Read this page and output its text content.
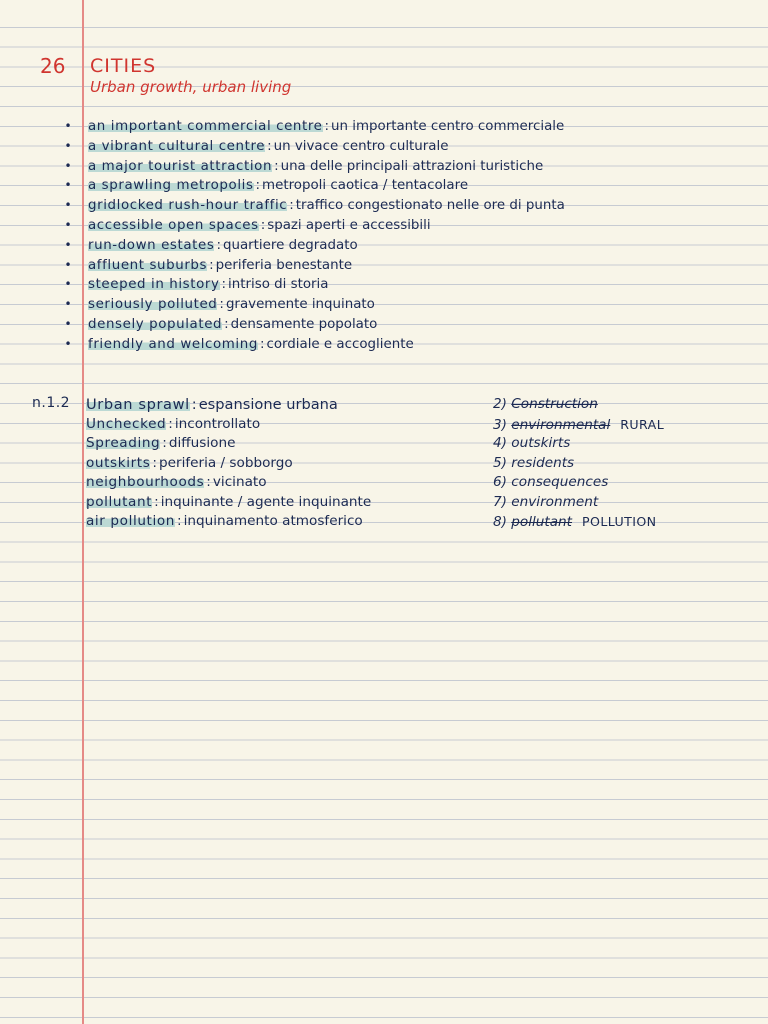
26 CITIES
Urban growth, urban living
• an important commercial centre : un importante centro commerciale
• a vibrant cultural centre : un vivace centro culturale
• a major tourist attraction : una delle principali attrazioni turistiche
• a sprawling metropolis : metropoli caotica / tentacolare
• gridlocked rush-hour traffic : traffico congestionato nelle ore di punta
• accessible open spaces : spazi aperti e accessibili
• run-down estates : quartiere degradato
• affluent suburbs : periferia benestante
• steeped in history : intriso di storia
• seriously polluted : gravemente inquinato
• densely populated : densamente popolato
• friendly and welcoming : cordiale e accogliente
n.1.2 Urban sprawl : espansione urbana
Unchecked : incontrollato
Spreading : diffusione
outskirts : periferia / sobborgo
neighbourhoods : vicinato
pollutant : inquinante / agente inquinante
air pollution : inquinamento atmosferico
2) Construction
3) environmental RURAL
4) outskirts
5) residents
6) consequences
7) environment
8) pollutant POLLUTION
